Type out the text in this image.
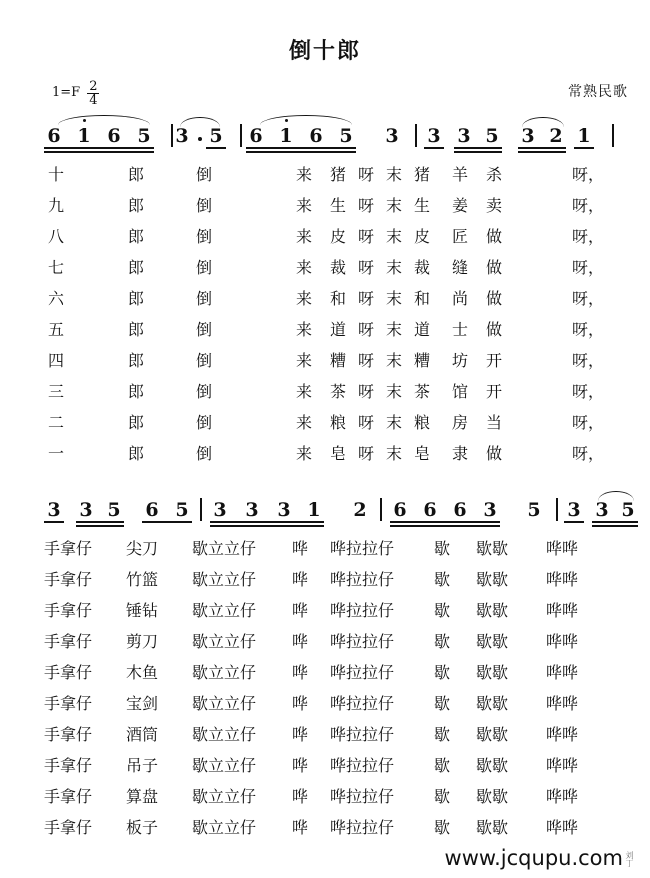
倒十郎
$1=F \frac{2}{4}$	常熟民歌
6 1 6 5 3 5 6 1 6 5 3 3 3 5 3 2 1
十	郎	倒	来 猪 呀 末 猪 羊 杀	呀，
九	郎	倒	来 生 呀 末 生 姜 卖	呀，
八	郎	倒	来 皮 呀 末 皮 匠 做	呀，
七	郎	倒	来 裁 呀 末 裁 缝 做	呀，
六	郎	倒	来 和 呀 末 和 尚 做	呀，
五	郎	倒	来 道 呀 末 道 士 做	呀，
四	郎	倒	来 糟 呀 末 糟 坊 开	呀，
三	郎	倒	来 茶 呀 末 茶 馆 开	呀，
二	郎	倒	来 粮 呀 末 粮 房 当	呀，
一	郎	倒	来 皂 呀 末 皂 隶 做	呀，
3 3 5 6 5 3 3 3 1 2 6 6 6 3 5 3 3 5
手拿仔 尖刀 歇立立仔 哗 哗拉拉仔 歇 歇歇 哗哗
手拿仔 竹篮 歇立立仔 哗 哗拉拉仔 歇 歇歇 哗哗
手拿仔 锤钻 歇立立仔 哗 哗拉拉仔 歇 歇歇 哗哗
手拿仔 剪刀 歇立立仔 哗 哗拉拉仔 歇 歇歇 哗哗
手拿仔 木鱼 歇立立仔 哗 哗拉拉仔 歇 歇歇 哗哗
手拿仔 宝剑 歇立立仔 哗 哗拉拉仔 歇 歇歇 哗哗
手拿仔 酒筒 歇立立仔 哗 哗拉拉仔 歇 歇歇 哗哗
手拿仔 吊子 歇立立仔 哗 哗拉拉仔 歇 歇歇 哗哗
手拿仔 算盘 歇立立仔 哗 哗拉拉仔 歇 歇歇 哗哗
手拿仔 板子 歇立立仔 哗 哗拉拉仔 歇 歇歇 哗哗
www.jcqupu.com 刘丁
